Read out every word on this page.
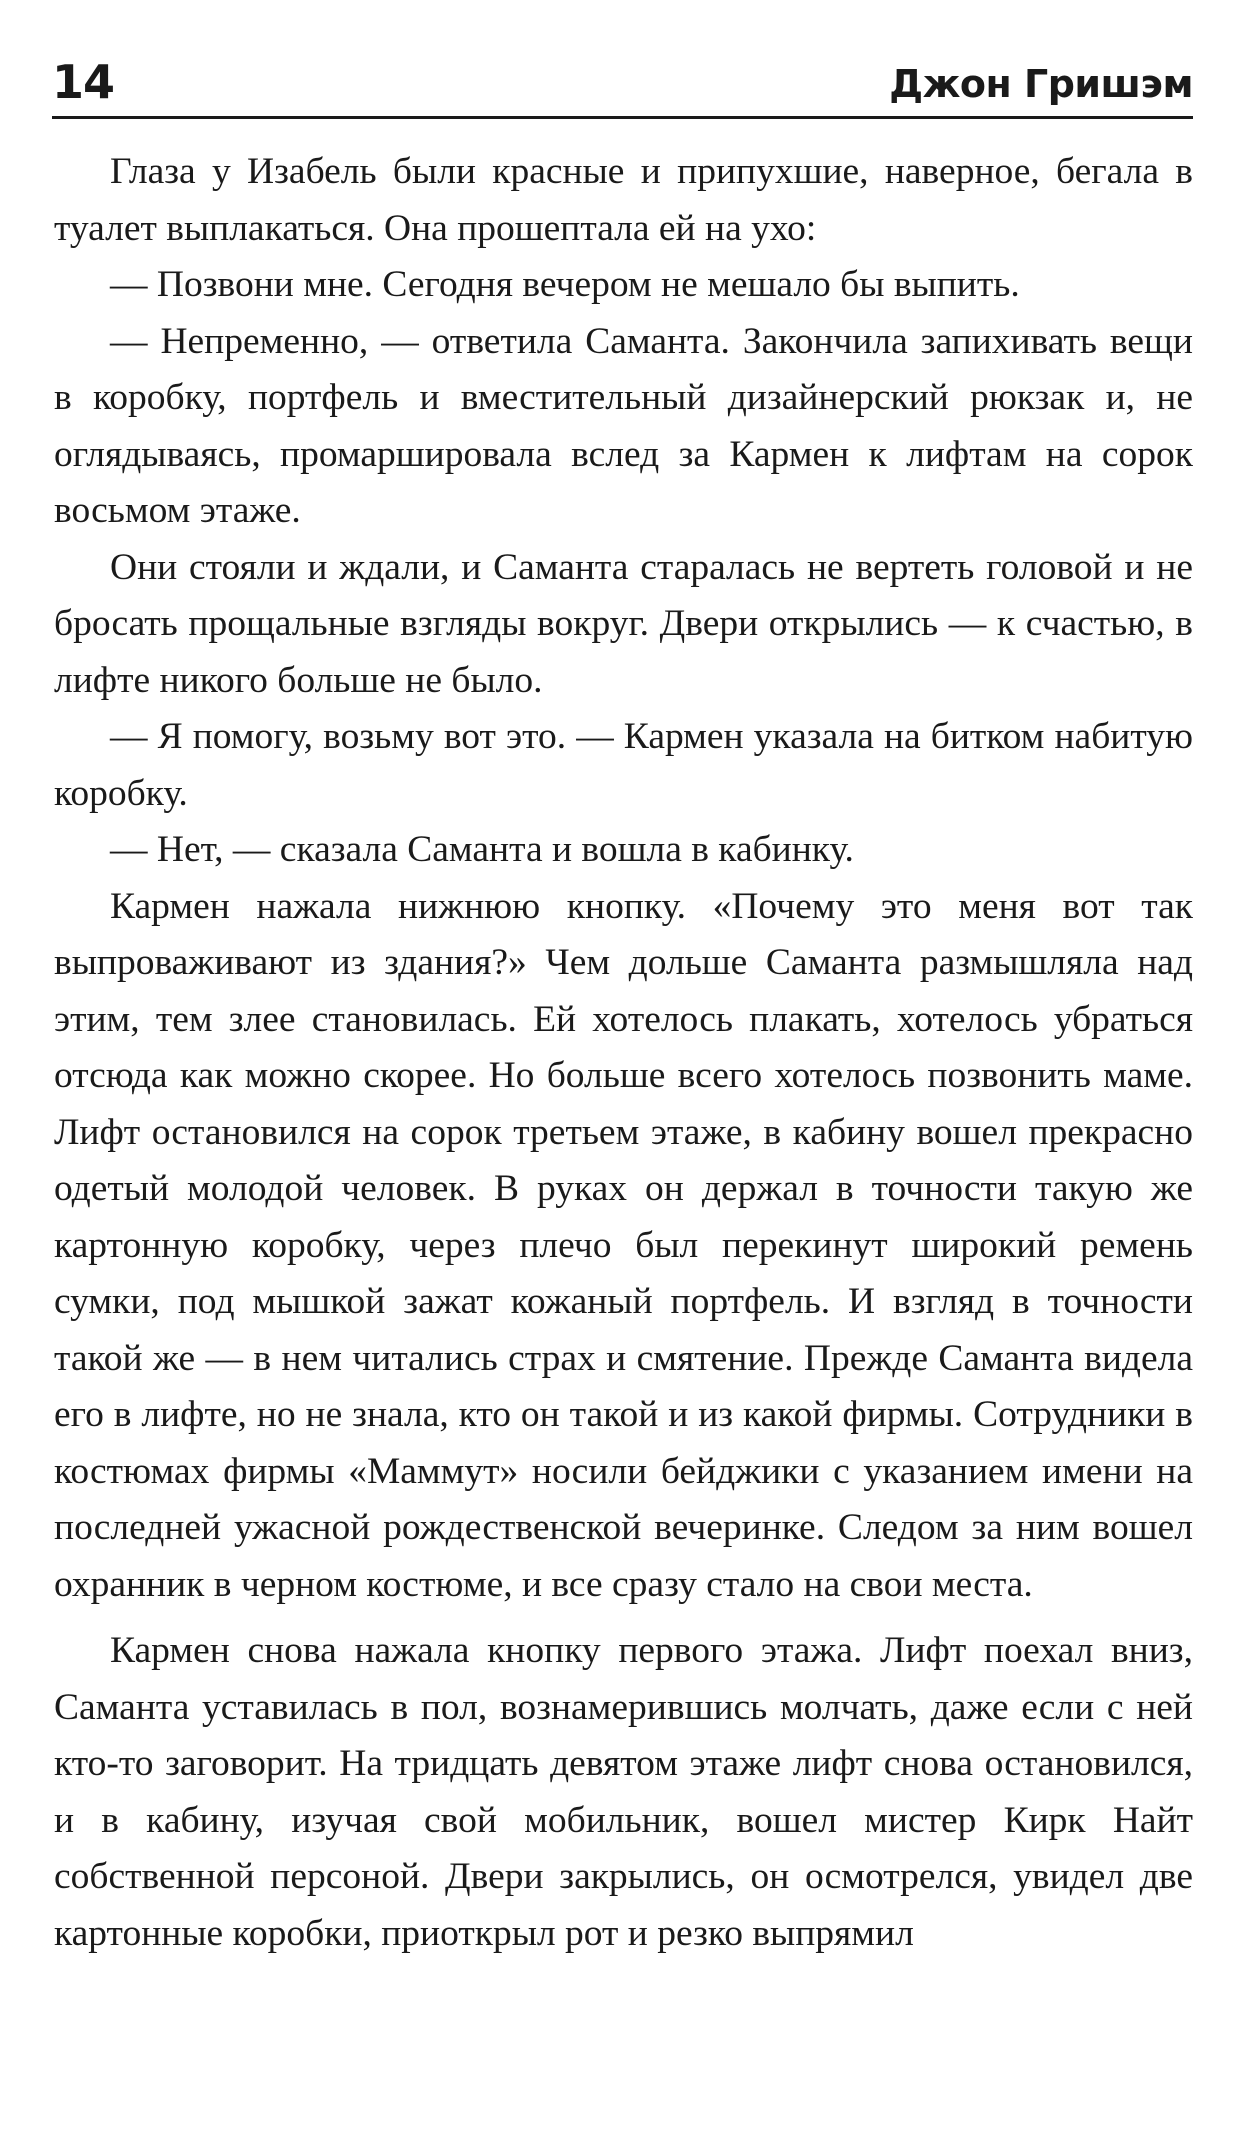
14	Джон Гришэм

Глаза у Изабель были красные и припухшие, наверное, бегала в туалет выплакаться. Она прошептала ей на ухо:

— Позвони мне. Сегодня вечером не мешало бы выпить.

— Непременно, — ответила Саманта. Закончила запихивать вещи в коробку, портфель и вместительный дизайнерский рюкзак и, не оглядываясь, промаршировала вслед за Кармен к лифтам на сорок восьмом этаже.

Они стояли и ждали, и Саманта старалась не вертеть головой и не бросать прощальные взгляды вокруг. Двери открылись — к счастью, в лифте никого больше не было.

— Я помогу, возьму вот это. — Кармен указала на битком набитую коробку.

— Нет, — сказала Саманта и вошла в кабинку.

Кармен нажала нижнюю кнопку. «Почему это меня вот так выпроваживают из здания?» Чем дольше Саманта размышляла над этим, тем злее становилась. Ей хотелось плакать, хотелось убраться отсюда как можно скорее. Но больше всего хотелось позвонить маме. Лифт остановился на сорок третьем этаже, в кабину вошел прекрасно одетый молодой человек. В руках он держал в точности такую же картонную коробку, через плечо был перекинут широкий ремень сумки, под мышкой зажат кожаный портфель. И взгляд в точности такой же — в нем читались страх и смятение. Прежде Саманта видела его в лифте, но не знала, кто он такой и из какой фирмы. Сотрудники в костюмах фирмы «Маммут» носили бейджики с указанием имени на последней ужасной рождественской вечеринке. Следом за ним вошел охранник в черном костюме, и все сразу стало на свои места.

Кармен снова нажала кнопку первого этажа. Лифт поехал вниз, Саманта уставилась в пол, вознамерившись молчать, даже если с ней кто-то заговорит. На тридцать девятом этаже лифт снова остановился, и в кабину, изучая свой мобильник, вошел мистер Кирк Найт собственной персоной. Двери закрылись, он осмотрелся, увидел две картонные коробки, приоткрыл рот и резко выпрямил
